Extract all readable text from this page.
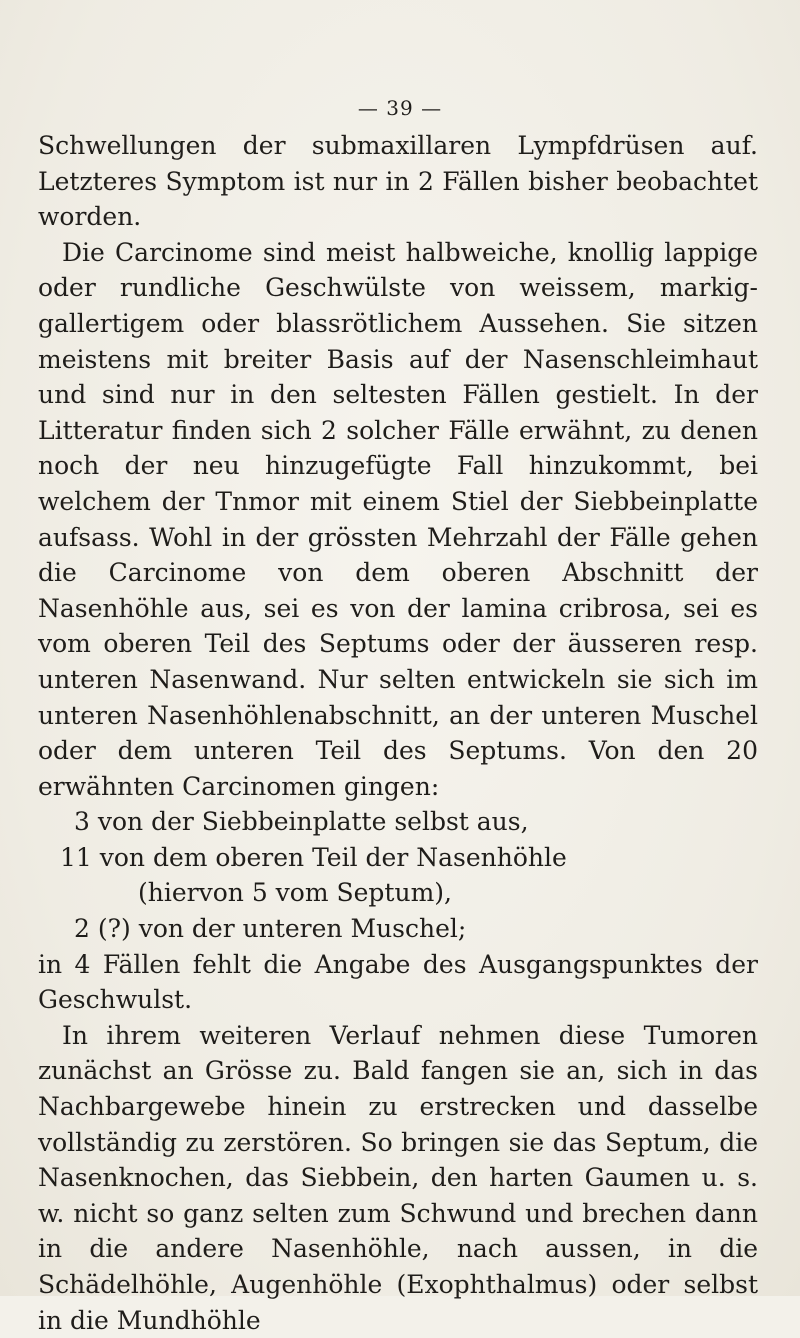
— 39 —

Schwellungen der submaxillaren Lympfdrüsen auf. Letzteres Symptom ist nur in 2 Fällen bisher beobachtet worden.

Die Carcinome sind meist halbweiche, knollig lappige oder rundliche Geschwülste von weissem, markig-gallertigem oder blassrötlichem Aussehen. Sie sitzen meistens mit breiter Basis auf der Nasenschleimhaut und sind nur in den seltesten Fällen gestielt. In der Litteratur finden sich 2 solcher Fälle erwähnt, zu denen noch der neu hinzugefügte Fall hinzukommt, bei welchem der Tnmor mit einem Stiel der Siebbeinplatte aufsass. Wohl in der grössten Mehrzahl der Fälle gehen die Carcinome von dem oberen Abschnitt der Nasenhöhle aus, sei es von der lamina cribrosa, sei es vom oberen Teil des Septums oder der äusseren resp. unteren Nasenwand. Nur selten entwickeln sie sich im unteren Nasenhöhlenabschnitt, an der unteren Muschel oder dem unteren Teil des Septums. Von den 20 erwähnten Carcinomen gingen:

3 von der Siebbeinplatte selbst aus,
11 von dem oberen Teil der Nasenhöhle
(hiervon 5 vom Septum),
2 (?) von der unteren Muschel;

in 4 Fällen fehlt die Angabe des Ausgangspunktes der Geschwulst.

In ihrem weiteren Verlauf nehmen diese Tumoren zunächst an Grösse zu. Bald fangen sie an, sich in das Nachbargewebe hinein zu erstrecken und dasselbe vollständig zu zerstören. So bringen sie das Septum, die Nasenknochen, das Siebbein, den harten Gaumen u. s. w. nicht so ganz selten zum Schwund und brechen dann in die andere Nasenhöhle, nach aussen, in die Schädelhöhle, Augenhöhle (Exophthalmus) oder selbst in die Mundhöhle
